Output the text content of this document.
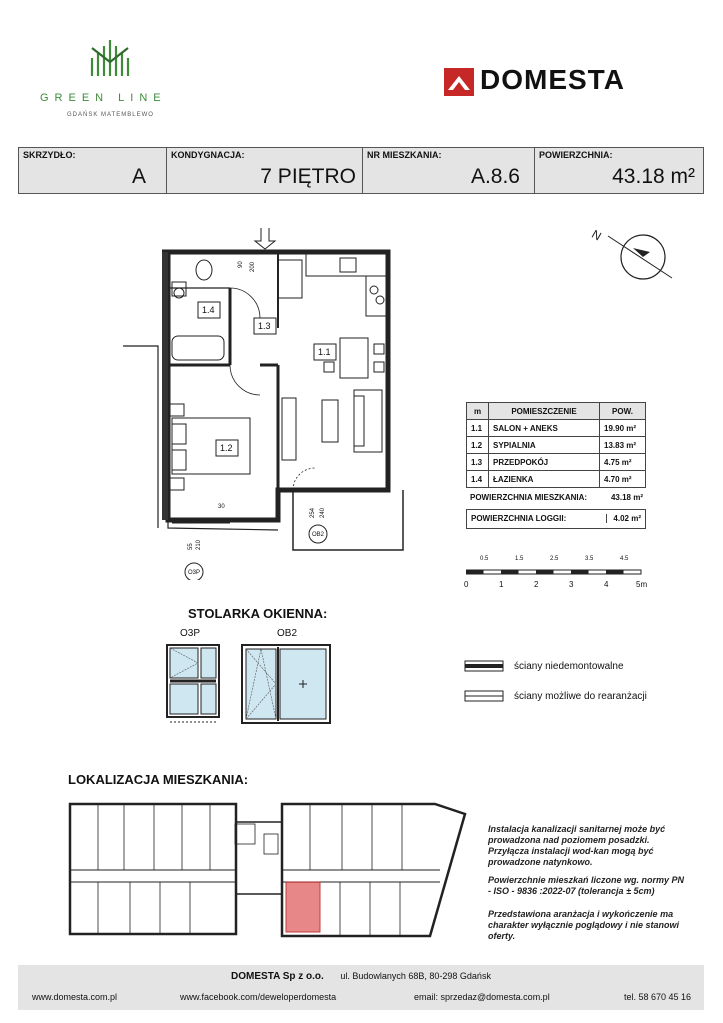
GREEN LINE
GDAŃSK MATEMBLEWO
DOMESTA
SKRZYDŁO:
A
KONDYGNACJA:
7 PIĘTRO
NR MIESZKANIA:
A.8.6
POWIERZCHNIA:
43.18 m²
N
1.4
1.3
1.1
1.2
90 200
254 240
30
55 210
OB2
O3P
m	POMIESZCZENIE	POW.
1.1	SALON + ANEKS	19.90 m²
1.2	SYPIALNIA	13.83 m²
1.3	PRZEDPOKÓJ	4.75 m²
1.4	ŁAZIENKA	4.70 m²
POWIERZCHNIA MIESZKANIA:	43.18 m²
POWIERZCHNIA LOGGII:	4.02 m²
0.5	1.5	2.5	3.5	4.5
0	1	2	3	4	5m
STOLARKA OKIENNA:
O3P	OB2
ściany niedemontowalne
ściany możliwe do rearanżacji
LOKALIZACJA MIESZKANIA:
Instalacja kanalizacji sanitarnej może być prowadzona nad poziomem posadzki. Przyłącza instalacji wod-kan mogą być prowadzone natynkowo.
Powierzchnie mieszkań liczone wg. normy PN - ISO - 9836 :2022-07 (tolerancja ± 5cm)
Przedstawiona aranżacja i wykończenie ma charakter wyłącznie poglądowy i nie stanowi oferty.
DOMESTA Sp z o.o. ul. Budowlanych 68B, 80-298 Gdańsk
www.domesta.com.pl	www.facebook.com/deweloperdomesta	email: sprzedaz@domesta.com.pl	tel. 58 670 45 16
